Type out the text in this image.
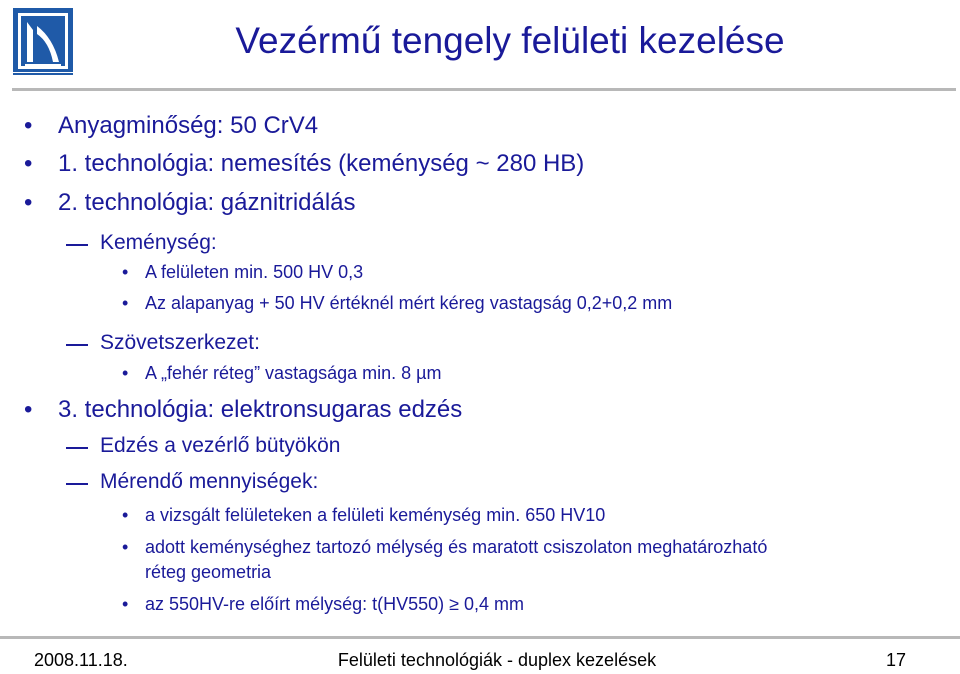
Vezérmű tengely felületi kezelése
• Anyagminőség: 50 CrV4
• 1. technológia: nemesítés (keménység ~ 280 HB)
• 2. technológia: gáznitridálás
Keménység:
• A felületen min. 500 HV 0,3
• Az alapanyag + 50 HV értéknél mért kéreg vastagság 0,2+0,2 mm
Szövetszerkezet:
• A „fehér réteg” vastagsága min. 8 µm
• 3. technológia: elektronsugaras edzés
Edzés a vezérlő bütyökön
Mérendő mennyiségek:
• a vizsgált felületeken a felületi keménység min. 650 HV10
• adott keménységhez tartozó mélység és maratott csiszolaton meghatározható
réteg geometria
• az 550HV-re előírt mélység: t(HV550) ≥ 0,4 mm
2008.11.18.	Felületi technológiák - duplex kezelések	17
